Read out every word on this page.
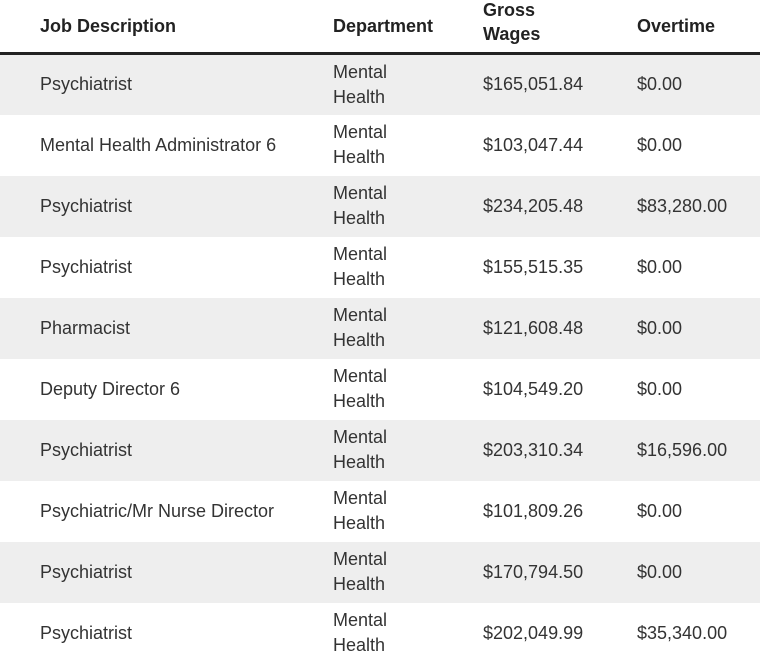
Job Description	Department	Gross Wages	Overtime

Psychiatrist	Mental Health	$165,051.84	$0.00
Mental Health Administrator 6	Mental Health	$103,047.44	$0.00
Psychiatrist	Mental Health	$234,205.48	$83,280.00
Psychiatrist	Mental Health	$155,515.35	$0.00
Pharmacist	Mental Health	$121,608.48	$0.00
Deputy Director 6	Mental Health	$104,549.20	$0.00
Psychiatrist	Mental Health	$203,310.34	$16,596.00
Psychiatric/Mr Nurse Director	Mental Health	$101,809.26	$0.00
Psychiatrist	Mental Health	$170,794.50	$0.00
Psychiatrist	Mental Health	$202,049.99	$35,340.00
